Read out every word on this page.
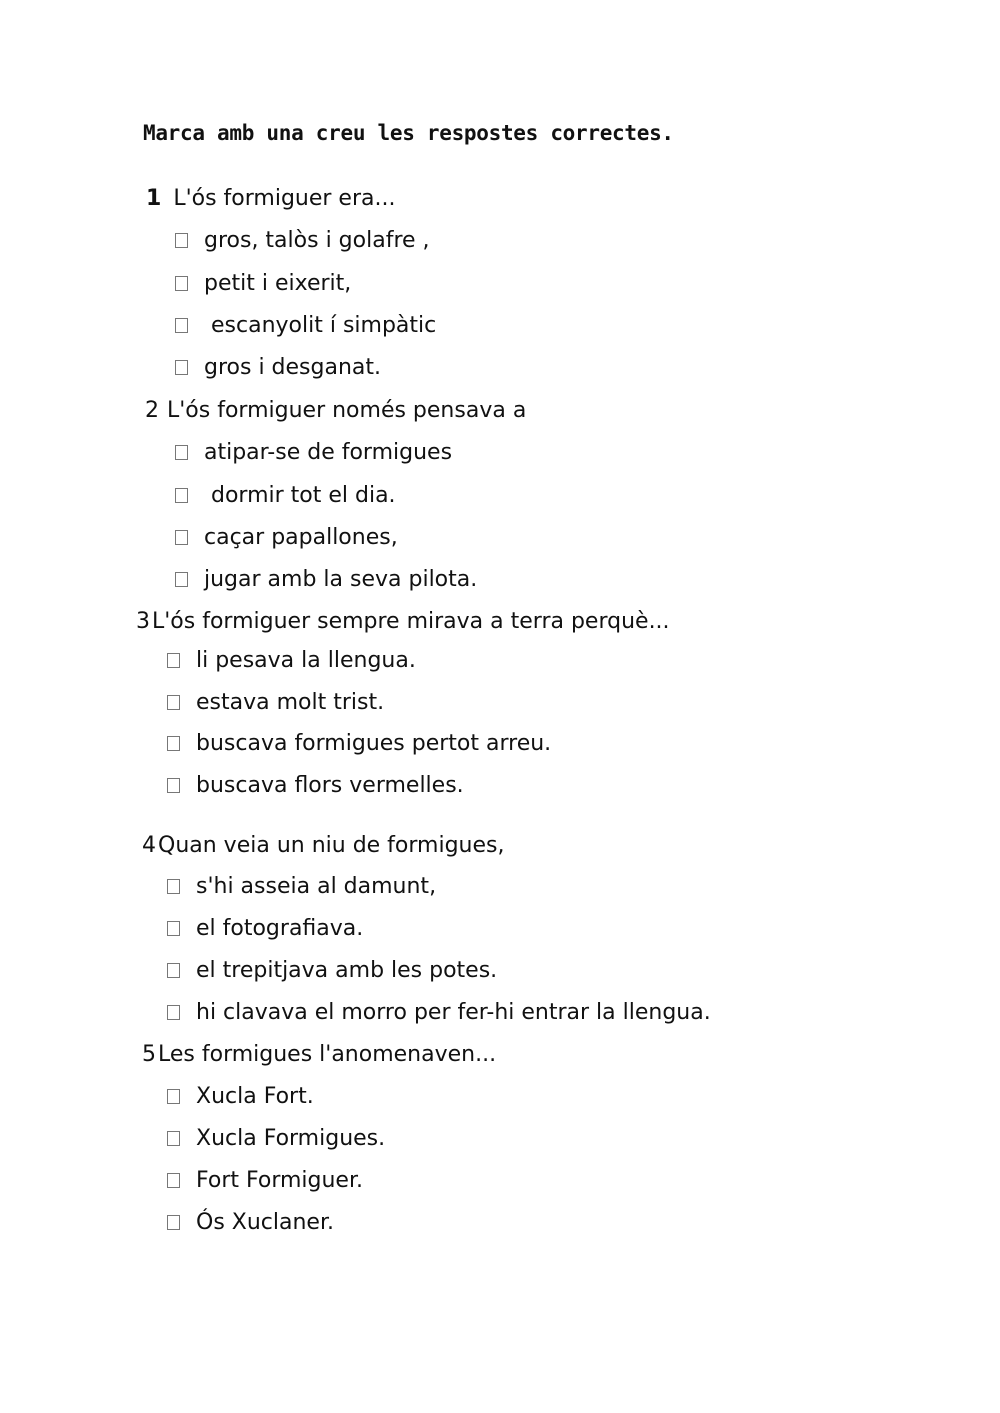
Marca amb una creu les respostes correctes.
1 L'ós formiguer era...
gros, talòs i golafre ,
petit i eixerit,
escanyolit í simpàtic
gros i desganat.
2 L'ós formiguer només pensava a
atipar-se de formigues
dormir tot el dia.
caçar papallones,
jugar amb la seva pilota.
3L'ós formiguer sempre mirava a terra perquè...
li pesava la llengua.
estava molt trist.
buscava formigues pertot arreu.
buscava flors vermelles.
4Quan veia un niu de formigues,
s'hi asseia al damunt,
el fotografiava.
el trepitjava amb les potes.
hi clavava el morro per fer-hi entrar la llengua.
5Les formigues l'anomenaven...
Xucla Fort.
Xucla Formigues.
Fort Formiguer.
Ós Xuclaner.
